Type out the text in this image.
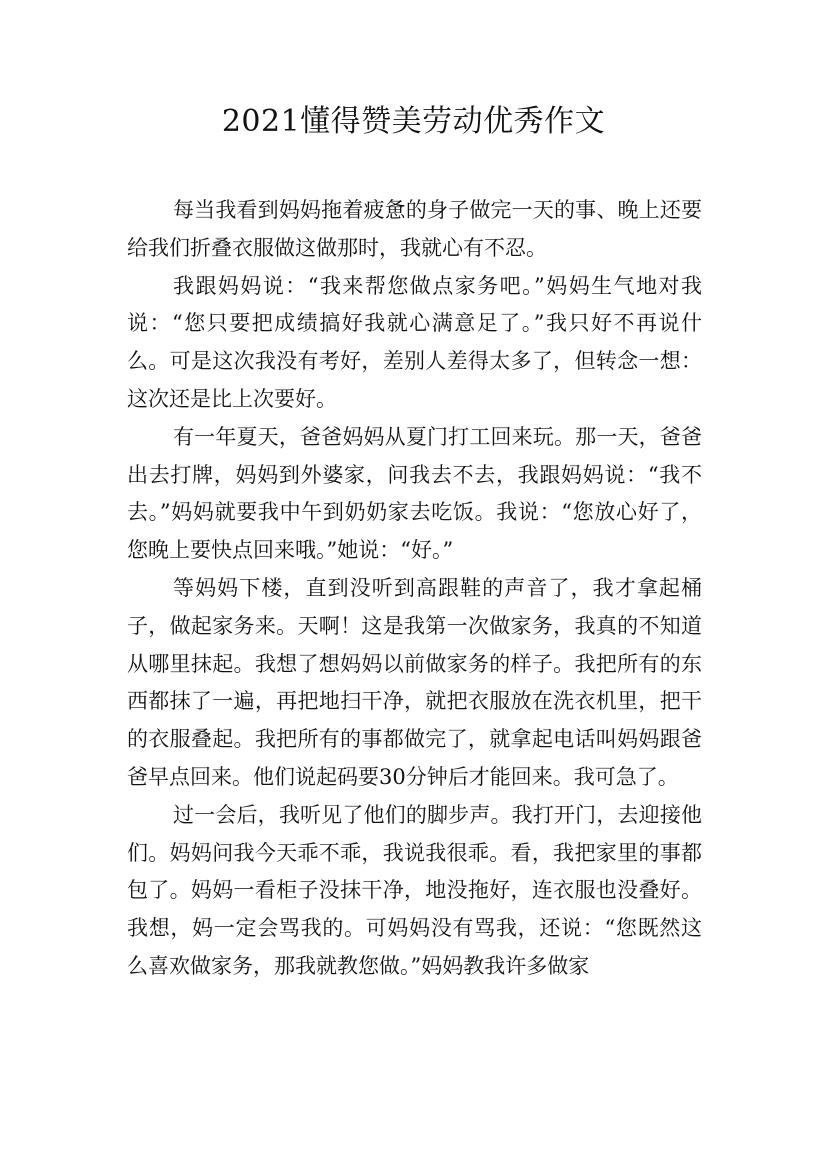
2021懂得赞美劳动优秀作文

每当我看到妈妈拖着疲惫的身子做完一天的事、晚上还要给我们折叠衣服做这做那时，我就心有不忍。

我跟妈妈说：“我来帮您做点家务吧。”妈妈生气地对我说：“您只要把成绩搞好我就心满意足了。”我只好不再说什么。可是这次我没有考好，差别人差得太多了，但转念一想：这次还是比上次要好。

有一年夏天，爸爸妈妈从夏门打工回来玩。那一天，爸爸出去打牌，妈妈到外婆家，问我去不去，我跟妈妈说：“我不去。”妈妈就要我中午到奶奶家去吃饭。我说：“您放心好了，您晚上要快点回来哦。”她说：“好。”

等妈妈下楼，直到没听到高跟鞋的声音了，我才拿起桶子，做起家务来。天啊！这是我第一次做家务，我真的不知道从哪里抹起。我想了想妈妈以前做家务的样子。我把所有的东西都抹了一遍，再把地扫干净，就把衣服放在洗衣机里，把干的衣服叠起。我把所有的事都做完了，就拿起电话叫妈妈跟爸爸早点回来。他们说起码要30分钟后才能回来。我可急了。

过一会后，我听见了他们的脚步声。我打开门，去迎接他们。妈妈问我今天乖不乖，我说我很乖。看，我把家里的事都包了。妈妈一看柜子没抹干净，地没拖好，连衣服也没叠好。我想，妈一定会骂我的。可妈妈没有骂我，还说：“您既然这么喜欢做家务，那我就教您做。”妈妈教我许多做家
